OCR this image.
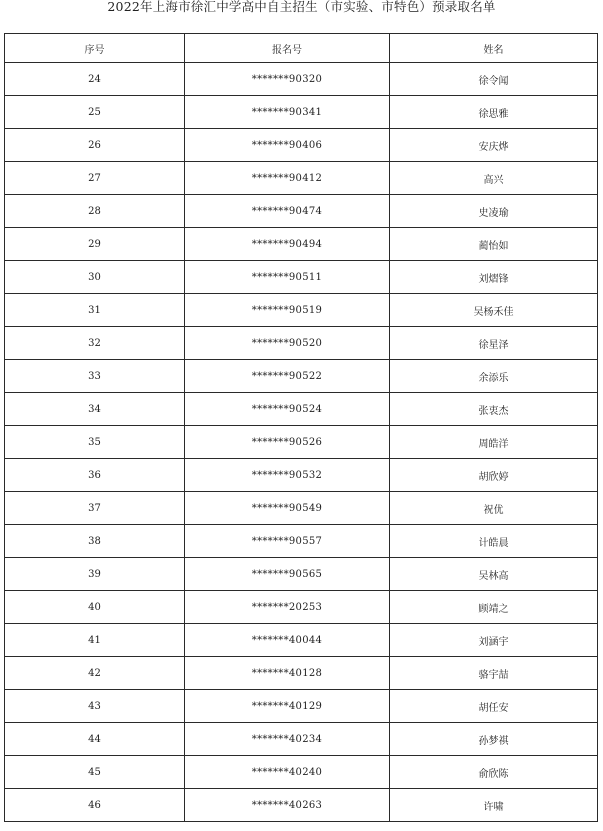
2022年上海市徐汇中学高中自主招生（市实验、市特色）预录取名单
序号	报名号	姓名
24	*******90320	徐令闻
25	*******90341	徐思雅
26	*******90406	安庆烨
27	*******90412	高兴
28	*******90474	史凌瑜
29	*******90494	蔺怡如
30	*******90511	刘熠锋
31	*******90519	吴杨禾佳
32	*******90520	徐星泽
33	*******90522	余添乐
34	*******90524	张衷杰
35	*******90526	周皓洋
36	*******90532	胡欣婷
37	*******90549	祝优
38	*******90557	计皓晨
39	*******90565	吴林高
40	*******20253	顾靖之
41	*******40044	刘涵宇
42	*******40128	骆宇喆
43	*******40129	胡任安
44	*******40234	孙梦祺
45	*******40240	俞欣陈
46	*******40263	许啸
